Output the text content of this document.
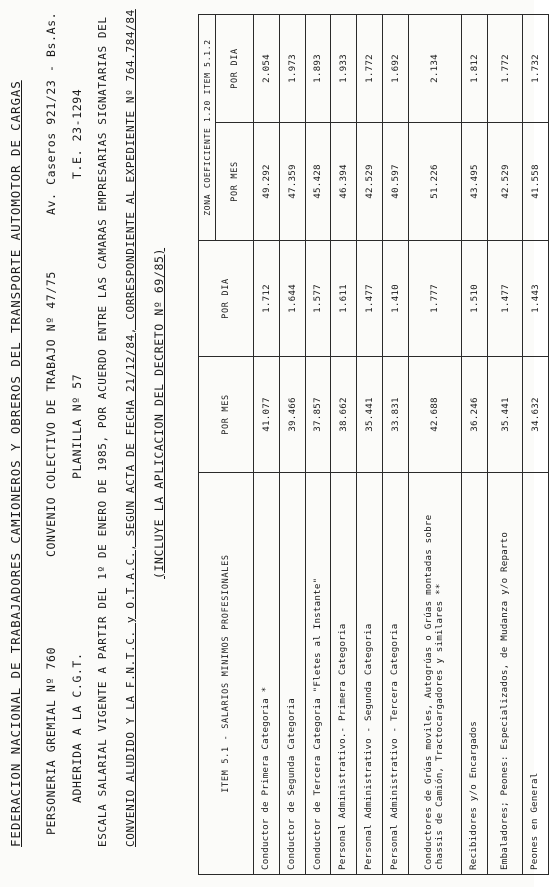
FEDERACION NACIONAL DE TRABAJADORES CAMIONEROS Y OBREROS DEL TRANSPORTE AUTOMOTOR DE CARGAS PERSONERIA GREMIAL Nº 760
CONVENIO COLECTIVO DE TRABAJO Nº 47/75
Av. Caseros 921/23 - Bs.As.
ADHERIDA A LA C.G.T.
PLANILLA Nº 57
T.E. 23-1294 ESCALA SALARIAL VIGENTE A PARTIR DEL 1º DE ENERO DE 1985, POR ACUERDO ENTRE LAS CAMARAS EMPRESARIAS SIGNATARIAS DEL CONVENIO ALUDIDO Y LA F.N.T.C. y O.T.A.C., SEGUN ACTA DE FECHA 21/12/84, CORRESPONDIENTE AL EXPEDIENTE Nº 764.784/84 (INCLUYE LA APLICACION DEL DECRETO Nº 69/85)
ITEM 5.1 - SALARIOS MINIMOS PROFESIONALES	POR MES	POR DIA	ZONA COEFICIENTE 1.20 ITEM 5.1.2	
			POR MES	POR DIA
Conductor de Primera Categoria *	41.077	1.712	49.292	2.054
Conductor de Segunda Categoria	39.466	1.644	47.359	1.973
Conductor de Tercera Categoria "Fletes al Instante"	37.857	1.577	45.428	1.893
Personal Administrativo.- Primera Categoria	38.662	1.611	46.394	1.933
Personal Administrativo - Segunda Categoria	35.441	1.477	42.529	1.772
Personal Administrativo - Tercera Categoria	33.831	1.410	40.597	1.692
Conductores de Grúas moviles, Autogrúas o Grúas montadas sobre chassis de Camión, Tractocargadores y similares **	42.688	1.777	51.226	2.134
Recibidores y/o Encargados	36.246	1.510	43.495	1.812
Embaladores; Peones: Especializados, de Mudanza y/o Reparto	35.441	1.477	42.529	1.772
Peones en General	34.632	1.443	41.558	1.732
